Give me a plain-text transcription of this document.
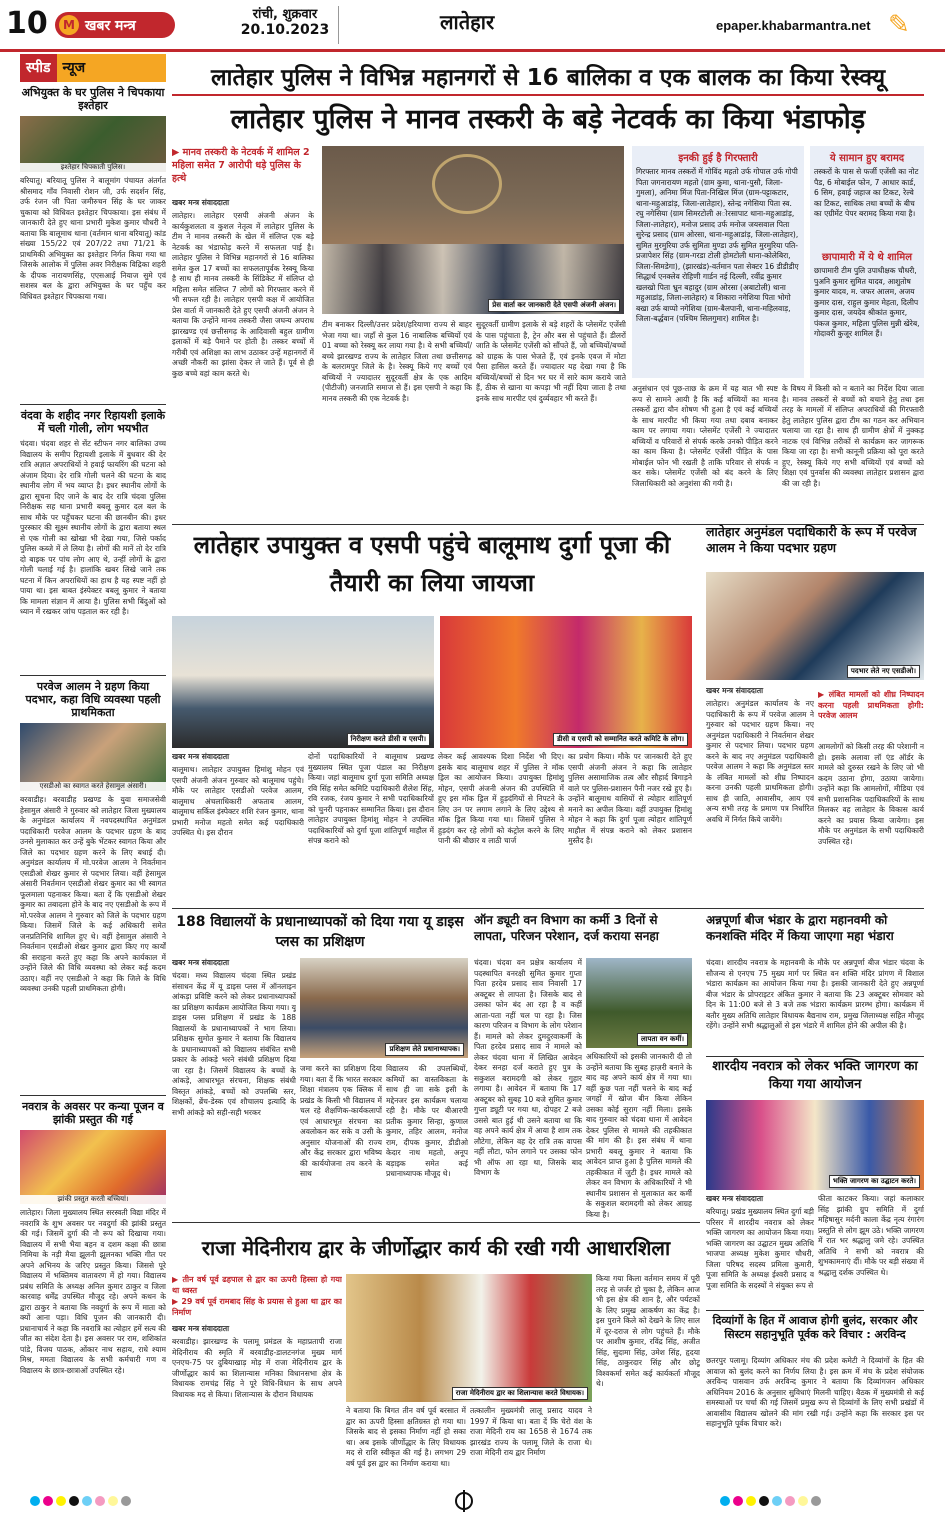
10	M खबर मन्त्र
रांची, शुक्रवार
20.10.2023	लातेहार	epaper.khabarmantra.net ✎
स्पीड न्यूज
अभियुक्त के घर पुलिस ने चिपकाया इश्तेहार
इश्तेहार चिपकाती पुलिस।
बरियातू। बरियातू पुलिस ने बालूमांग पंचायत अंतर्गत श्रीसमाद गाँव निवासी रोशन जी, उर्फ सदर्शन सिंह, उर्फ रंजन जी पिता जमीरुचन सिंह के घर जाकर चुकाया को विधिवत इश्तेहार चिपकाया। इस संबंध में जानकारी देते हुए थाना प्रभारी मुकेश कुमार चौधरी ने बताया कि बालूमाथ थाना (वर्तमान थाना बरियातू) कांड संख्या 155/22 एवं 207/22 तथा 71/21 के प्राथमिकी अभियुक्त का इश्तेहार निर्गत किया गया था जिसके आलोक में पुलिस अवर निरीक्षक विद्रिका शहरी के दीपक नारायणसिंह, एएसआई नियाज सुमे एवं सशस्त्र बल के द्वारा अभियुक्त के घर पहुँच कर विधिवत इश्तेहार चिपकाया गया।
वंदवा के शहीद नगर रिहायशी इलाके में चली गोली, लोग भयभीत
चंदवा। चंदवा शहर से सेंट स्टीफन नगर बालिका उच्च विद्यालय के समीप रिहायशी इलाके में बुधवार की देर रात्रि अज्ञात अपराधियों ने हवाई फायरिंग की घटना को अंजाम दिया। देर रात्रि गोली चलने की घटना के बाद स्थानीय लोग में भय व्याप्त है। इधर स्थानीय लोगों के द्वारा सूचना दिए जाने के बाद देर रात्रि चंदवा पुलिस निरीक्षक सह थाना प्रभारी बबलू कुमार दल बल के साथ मौके पर पहुँचकर घटना की छानबीन की। इधर पुरस्कार की सूक्ष्म स्थानीय लोगों के द्वारा बताया स्थल से एक गोली का खोखा भी देखा गया, जिसे पर्काद पुलिस कब्जे में ले लिया है। लोगों की मानें तो देर रात्रि दो बाइक पर पांच लोग आए थे, उन्हीं लोगों के द्वारा गोली चलाई गई है। हालांकि खबर लिखे जाने तक घटना में किन अपराधियों का हाथ है यह स्पष्ट नहीं हो पाया था। इस बाबत इंस्पेक्टर बबलू कुमार ने बताया कि मामला संज्ञान में आया है। पुलिस सभी बिंदुओं को ध्यान में रखकर जांच पड़ताल कर रही है।
परवेज आलम ने ग्रहण किया पदभार, कहा विधि व्यवस्था पहली प्राथमिकता
एसडीओ का स्वागत करते हेसामुल अंसारी।
बरवाडीह। बरवाडीह प्रखण्ड के युवा समाजसेवी हेसामुल अंसारी ने गुरुवार को लातेहार जिला मुख्यालय के अनुमंडल कार्यालय में नवपदस्थापित अनुमंडल पदाधिकारी परवेज आलम के पदभार ग्रहण के बाद उनसे मुलाकात कर उन्हें बुके भेंटकर स्वागत किया और जिले का पदभार ग्रहण करने के लिए बधाई दी। अनुमंडल कार्यालय में मो.परवेज आलम ने निवर्तमान एसडीओ शेखर कुमार से पदभार लिया। वहीं हेसामुल अंसारी निवर्तमान एसडीओ शेखर कुमार का भी स्वागत फूलमाला पहनाकर किया। बता दें कि एसडीओ शेखर कुमार का तबादला होने के बाद नए एसडीओ के रूप में मो.परवेज आलम ने गुरुवार को जिले के पदभार ग्रहण किया। जिसमें जिले के कई अधिकारी समेत जनप्रतिनिधि शामिल हुए थे। वहीं हेसामुल अंसारी ने निवर्तमान एसडीओ शेखर कुमार द्वारा किए गए कार्यों की सराहना करते हुए कहा कि अपने कार्यकाल में उन्होंने जिले की विधि व्यवस्था को लेकर कई कदम उठाए। वहीं नए एसडीओ ने कहा कि जिले के विधि व्यवस्था उनकी पहली प्राथमिकता होगी।
नवरात्र के अवसर पर कन्या पूजन व झांकी प्रस्तुत की गई
झांकी प्रस्तुत करती बच्चियां।
लातेहार। जिला मुख्यालय स्थित सरस्वती विद्या मंदिर में नवरात्रि के शुभ अवसर पर नवदुर्गा की झांकी प्रस्तुत की गई। जिसमें दुर्गा की नौ रूप को दिखाया गया। विद्यालय में सभी भैया बहन व दशम कक्षा की छात्रा निमिया के नड़ी मैया झूलनी झूलनका भक्ति गीत पर अपने अभिनय के जरिए प्रस्तुत किया। जिससे पूरे विद्यालय में भक्तिमय वातावरण में हो गया। विद्यालय प्रबंध समिति के अध्यक्ष अनिल कुमार ठाकुर व जिला कारवाह धर्मेंद्र उपस्थित मौजूद रहे। अपने कथन के द्वारा ठाकुर ने बताया कि नवदुर्गा के रूप में माता को क्यों आना पड़ा। विधि पूजन की जानकारी दी। प्रधानाचार्य ने कहा कि नवरात्रि का त्योहार हमें सत्य की जीत का संदेश देता है। इस अवसर पर राम, शशिकांत पांडे, विजय पाठक, ओंकार नाथ सहाय, राधे श्याम मिश्र, ममता विद्यालय के सभी कर्मचारी गण व विद्यालय के छात्र-छात्राओं उपस्थित रहे।
लातेहार पुलिस ने विभिन्न महानगरों से 16 बालिका व एक बालक का किया रेस्क्यू
लातेहार पुलिस ने मानव तस्करी के बड़े नेटवर्क का किया भंडाफोड़
▶ मानव तस्करी के नेटवर्क में शामिल 2 महिला समेत 7 आरोपी धड़े पुलिस के हत्थे
खबर मन्त्र संवाददाता
लातेहार। लातेहार एसपी अंजनी अंजन के कार्यकुशलता व कुशल नेतृत्व में लातेहार पुलिस के टीम ने मानव तस्करी के खेल में संलिप्त एक बड़े नेटवर्क का भंडाफोड़ करने में सफलता पाई है। लातेहार पुलिस ने विभिन्न महानगरों से 16 बालिका समेत कुल 17 बच्चों का सफलतापूर्वक रेस्क्यू किया है साथ ही मानव तस्करी के सिंडिकेट में संलिप्त दो महिला समेत संलिप्त 7 लोगों को गिरफ्तार करने में भी सफल रही है। लातेहार एसपी कक्ष में आयोजित प्रेस वार्ता में जानकारी देते हुए एसपी अंजनी अंजन ने बताया कि उन्होंने मानव तस्करी जैसा जघन्य अपराध झारखण्ड एवं छत्तीसगढ़ के आदिवासी बहुल ग्रामीण इलाकों में बड़े पैमाने पर होती है। तस्कर बच्चों में गरीबी एवं अशिक्षा का लाभ उठाकर उन्हें महानगरों में अच्छी नौकरी का झांसा देकर ले जाते हैं। पूर्व से ही कुछ बच्चे वहां काम करते थे।
प्रेस वार्ता कर जानकारी देते एसपी अंजनी अंजन।
टीम बनाकर दिल्ली/उत्तर प्रदेश/हरियाणा राज्य से बाहर भेजा गया था। जहाँ से कुल 16 नाबालिक बच्चियों एवं 01 बच्चा को रेस्क्यू कर लाया गया है। ये सभी बच्चियाँ/बच्चे झारखण्ड राज्य के लातेहार जिला तथा छत्तीसगढ़ के बलरामपुर जिले के है। रेस्क्यू किये गए बच्चों एवं बच्चियों ने ज्यादातर सुदूरवर्ती क्षेत्र के एक आदिम (पीटीजी) जनजाति समाज से हैं। इस एसपी ने कहा कि मानव तस्करी की एक नेटवर्क है।
सुदूरवर्ती ग्रामीण इलाके से बड़े शहरों के प्लेसमेंट एजेंसी के पास पहुंचाता है, ट्रेन और बस से पहुंचाते हैं। डीलरों जाति के प्लेसमेंट एजेंसी को सौंपते हैं, जो बच्चियों/बच्चों को ग्राहक के पास भेजते हैं, एवं इनके एवज में मोटा पैसा हासिल करते हैं। ज्यादातर यह देखा गया है कि बच्चियों/बच्चों से दिन भर घर में सारे काम कराये जाते हैं, ठीक से खाना या कपड़ा भी नहीं दिया जाता है तथा इनके साथ मारपीट एवं दुर्व्यवहार भी करते हैं।
इनकी हुई है गिरफ्तारी
गिरफ्तार मानव तस्करों में गोविंद महतो उर्फ गोपाल उर्फ गोपी पिता जगनारायण महतो (ग्राम कुमा, थाना-पुसौ, जिला-गुमला), अनिमा मिंज पिता-निखिल मिंज (ग्राम-पट्टाकटार, थाना-महुआडांड़, जिला-लातेहार), स्तेन्द्र नगेसिया पिता स्व. रघु नगेसिया (ग्राम सिमरटोली अोरसापाट थाना-महुआडांड़, जिला-लातेहार), मनोज प्रसाद उर्फ मनोज जयसवाल पिता सुरेन्द्र प्रसाद (ग्राम ओरसा, थाना-महुआडांड़, जिला-लातेहार), सुमित मुरमुरिया उर्फ सुमिता मुण्डा उर्फ सुमित मुरमुरिया पति-प्रजापेशर सिंह (ग्राम-गरडा टोली होमटोली थाना-कोलेबिरा, जिला-सिमडेगा), (झारखंड)-वर्तमान पता सेक्टर 16 डीडीडीए सिद्धार्थ एनक्लेव रोहिणी गार्डन नई दिल्ली, रवींद्र कुमार खलखो पिता भ्रुन बहादुर (ग्राम ओरसा (अबाटोली) थाना महुआडांड़, जिला-लातेहार) व शिकारा नगेशिया पिता भोगो बखा उर्फ बाप्पो नगेशिया (ग्राम-बैलपानी, थाना-महिलवाड़, जिला-बर्द्धवान (पश्चिम सिलगुमार) शामिल है।
ये सामान हुए बरामद
तस्करों के पास से फर्जी एजेंसी का नोट पैड, 6 मोबाईल फोन, 7 आधार कार्ड, 6 सिम, हवाई जहाज का टिकट, रेल्वे का टिकट, साथिक तथा बच्चों के बीच का एग्रीमेंट पेपर बरामद किया गया है।
छापामारी में ये थे शामिल
छापामारी टीम पुलि उपाधीक्षक चौधरी, पुअनि कुमार सुमित यादव, आशुतोष कुमार यादव, म. जफर आलम, अजय कुमार दास, राहुल कुमार मेहता, दिलीप कुमार दास, जयदेव श्रीकांत कुमार, पंकज कुमार, महिला पुलिस मुन्नी खेरेब, गोदावरी कुजूर शामिल हैं।
अनुसंधान एवं पूछ-ताछ के क्रम में यह बात भी स्पष्ट रूप से सामने आयी है कि कई बच्चियों का मानव तस्करों द्वारा यौन शोषण भी हुआ है एवं कई बच्चियों के साथ मारपीट भी किया गया तथा दबाव बनाकर काम पर लगाया गया। प्लेसमेंट एजेंसी ने ज्यादातर बच्चियों व परिवारों से संपर्क करके उनको पीड़ित करने का काम किया है। प्लेसमेंट एजेंसी पीड़ित के पास मोबाईल फोन भी रखती है ताकि परिवार से संपर्क न कर सके। प्लेसमेंट एजेंसी को बंद करने के लिए जिलाधिकारी को अनुशंसा की गयी है।
के विषय में किसी को न बताने का निर्देश दिया जाता है। मानव तस्करों से बच्चों को बचाने हेतु तथा इस तरह के मामलों में संलिप्त अपराधियों की गिरफ्तारी हेतु लातेहार पुलिस द्वारा टीम का गठन कर अभियान चलाया जा रहा है। साथ ही ग्रामीण क्षेत्रों में नुक्कड़ नाटक एवं विभिन्न तरीकों से कार्यक्रम कर जागरूक किया जा रहा है। सभी कानूनी प्रक्रिया को पूरा करते हुए, रेस्क्यू किये गए सभी बच्चियों एवं बच्चों को शिक्षा एवं पुनर्वास की व्यवस्था लातेहार प्रशासन द्वारा की जा रही है।
लातेहार उपायुक्त व एसपी पहुंचे बालूमाथ दुर्गा पूजा की तैयारी का लिया जायजा
निरीक्षण करते डीसी व एसपी।	डीसी व एसपी को सम्मानित करते कमिटि के लोग।
खबर मन्त्र संवाददाता
बालूमाथ। लातेहार उपायुक्त हिमांशु मोहन एवं एसपी अंजनी अंजन गुरुवार को बालूमाथ पहुंचे। मौके पर लातेहार एसडीओ परवेज आलम, बालूमाथ अंचलाधिकारी अफताब आलम, बालूमाथ सर्किल इंस्पेक्टर शशि रंजन कुमार, थाना प्रभारी मनोज महतो समेत कई पदाधिकारी उपस्थित थे। इस दौरान
दोनों पदाधिकारियों ने बालूमाथ प्रखण्ड मुख्यालय स्थित पूजा पंडाल का निरीक्षण किया। जहां बालूमाथ दुर्गा पूजा समिति अध्यक्ष रवि सिंह समेत कमिटि पदाधिकारी शैलेश सिंह, रवि रजक, रंजय कुमार ने सभी पदाधिकारियों को चुनरी पहनाकर सम्मानित किया। इस दौरान लातेहार उपायुक्त हिमांशु मोहन ने उपस्थित पदाधिकारियों को दुर्गा पूजा शांतिपूर्ण माहौल में संपन्न कराने को
लेकर कई आवश्यक दिशा निर्देश भी दिए। इसके बाद बालूमाथ शहर में पुलिस ने मॉक ड्रिल का आयोजन किया। उपायुक्त हिमांशु मोहन, एसपी अंजनी अंजन की उपस्थिति में हुए इस मॉक ड्रिल में हुड़दंगियों से निपटने के लिए उन पर लगाम लगाने के लिए उद्देश्य से मॉक ड्रिल किया गया था। जिसमें पुलिस ने हुड़दंग कर रहे लोगों को कंट्रोल करने के लिए पानी की बौछार व लाठी चार्ज
का प्रयोग किया। मौके पर जानकारी देते हुए एसपी अंजनी अंजन ने कहा कि लातेहार पुलिस असामाजिक तत्व और सौहार्द बिगाड़ने वाले पर पुलिस-प्रशासन पैनी नजर रखे हुए है। उन्होंने बालूमाथ वासियों से त्योहार शांतिपूर्ण मनाने का अपील किया। वहीं उपायुक्त हिमांशु मोहन ने कहा कि दुर्गा पूजा त्योहार शांतिपूर्ण माहौल में संपन्न कराने को लेकर प्रशासन मुस्तैद है।
लातेहार अनुमंडल पदाधिकारी के रूप में परवेज आलम ने किया पदभार ग्रहण
पदभार लेते नए एसडीओ।
खबर मन्त्र संवाददाता
लातेहार। अनुमंडल कार्यालय के नए पदाधिकारी के रूप में परवेज आलम ने गुरुवार को पदभार ग्रहण किया। नए अनुमंडल पदाधिकारी ने निवर्तमान शेखर कुमार से पदभार लिया। पदभार ग्रहण करने के बाद नए अनुमंडल पदाधिकारी परवेज आलम ने कहा कि अनुमंडल स्तर के लंबित मामलों को शीघ्र निष्पादन करना उनकी पहली प्राथमिकता होगी। साथ ही जाति, आवासीय, आय एवं अन्य सभी तरह के प्रमाण पत्र निर्धारित अवधि में निर्गत किये जायेंगे।
▶ लंबित मामलों को शीघ्र निष्पादन करना पहली प्राथमिकता होगी: परवेज आलम
आमलोगों को किसी तरह की परेशानी न हो। इसके अलावा लॉ एंड ऑर्डर के मामले को दुरुस्त रखने के लिए जो भी कदम उठाना होगा, उठाया जायेगा। उन्होंने कहा कि आमलोगों, मीडिया एवं सभी प्रशासनिक पदाधिकारियों के साथ मिलकर वह लातेहार के विकास कार्य करने का प्रयास किया जायेगा। इस मौके पर अनुमंडल के सभी पदाधिकारी उपस्थित रहे।
188 विद्यालयों के प्रधानाध्यापकों को दिया गया यू डाइस प्लस का प्रशिक्षण
खबर मन्त्र संवाददाता
चंदवा। मध्य विद्यालय चंदवा स्थित प्रखंड संसाधन केंद्र में यू डाइस प्लस में ऑनलाइन आंकड़ा प्रविष्टि करने को लेकर प्रधानाध्यापकों का प्रशिक्षण कार्यक्रम आयोजित किया गया। यू डाइस प्लस प्रशिक्षण में प्रखंड के 188 विद्यालयों के प्रधानाध्यापकों ने भाग लिया। प्रशिक्षक सुमोत कुमार ने बताया कि विद्यालय के प्रधानाध्यापकों को विद्यालय संबंधित सभी प्रकार के आंकड़े भरने संबंधी प्रशिक्षण दिया जा रहा है। जिसमें विद्यालय के बच्चों के आंकड़े, आधारभूत संरचना, शिक्षक संबंधी विस्तृत आंकड़े, बच्चों को उपलब्धि स्तर, शिक्षकों, ब्रेंच-डेस्क एवं शौचालय इत्यादि के सभी आंकड़े को सही-सही भरकर
प्रशिक्षण लेते प्रधानाध्यापक।
जमा करने का प्रशिक्षण दिया गया। बता दें कि भारत सरकार शिक्षा मंत्रालय एक क्लिक में प्रखंड के किसी भी विद्यालय में चल रहे शैक्षणिक-कार्यकलापों एवं आधारभूत संरचना का अवलोकन कर सके व उसी के अनुसार योजनाओं की राज्य और केंद्र सरकार द्वारा भविष्य की कार्ययोजना तय करने के साथ
विद्यालय की उपलब्धियों, कमियों का वास्तविकता के साथ ही जा सके इसी के मद्देनजर इस कार्यक्रम चलाया रही है। मौके पर बीआरपी प्रतीक कुमार सिन्हा, कुणाल कुमार, तहिर आलम, मनोज राम, दीपक कुमार, डीडीओ केदार नाथ महतो, अनूप बड़ाइक समेत कई प्रधानाध्यापक मौजूद थे।
ऑन ड्यूटी वन विभाग का कर्मी 3 दिनों से लापता, परिजन परेशान, दर्ज कराया सनहा
चंदवा। चंदवा वन प्रक्षेत्र कार्यालय में पदस्थापित वनरक्षी सुमित कुमार गुप्ता पिता हरदेव प्रसाद साव निवासी 17 अक्टूबर से लापता है। जिसके बाद से उसका फोन बंद आ रहा है व कहीं आता-पता नहीं चल पा रहा है। जिस कारण परिजन व विभाग के लोग परेशान हैं। मामले को लेकर दुमदुरवाकर्मी के पिता हरदेव प्रसाद साव ने मामले को लेकर चंदवा थाना में लिखित आवेदन देकर सनहा दर्ज कराते हुए पुत्र के सकुशल बरामदगी को लेकर गुहार लगाया है। आवेदन में बताया कि 17 अक्टूबर को सुबह 10 बजे सुमित कुमार गुप्ता ड्यूटी पर गया था, दोपहर 2 बजे उससे बात हुई थी उसने बताया था कि वह अपने कार्य क्षेत्र में आया है शाम तक लौटेगा, लेकिन वह देर रात्रि तक वापस नहीं लौटा, फोन लगाने पर उसका फोन भी ऑफ आ रहा था, जिसके बाद विभाग के
लापता वन कर्मी।
अधिकारियों को इसकी जानकारी दी तो उन्होंने बताया कि सुबह हाज़री बनाने के बाद वह अपने कार्य क्षेत्र में गया था। वहीं कुछ पता नहीं चलने के बाद कई जगहों में खोज बीन किया लेकिन उसका कोई सुराग नहीं मिला। इसके बाद गुरुवार को चंदवा थाना में आवेदन देकर पुलिस से मामले की तहकीकात की मांग की है। इस संबंध में थाना प्रभारी बबलू कुमार ने बताया कि आवेदन प्राप्त हुआ है पुलिस मामले की तहकीकात में जुटी है। इधर मामले को लेकर वन विभाग के अधिकारियों ने भी स्थानीय प्रशासन से मुलाकात कर कर्मी के सकुशल बरामदगी को लेकर आग्रह किया है।
अन्नपूर्णा बीज भंडार के द्वारा महानवमी को कनशक्ति मंदिर में किया जाएगा महा भंडारा
चंदवा। शारदीय नवरात्र के महानवमी के मौके पर अन्नपूर्णा बीज भंडार चंदवा के सौजन्य से एनएच 75 मुख्य मार्ग पर स्थित वन शक्ति मंदिर प्रांगण में विशाल भंडारा कार्यक्रम का आयोजन किया गया है। इसकी जानकारी देते हुए अन्नपूर्णा बीज भंडार के प्रोपराइटर अंकित कुमार ने बताया कि 23 अक्टूबर सोमवार को दिन के 11:00 बजे से 3 बजे तक भंडारा कार्यक्रम प्रारम्भ होगा। कार्यक्रम में बतौर मुख्य अतिथि लातेहार विधायक बैद्यनाथ राम, प्रमुख जिलाध्यक्ष सहित मौजूद रहेंगे। उन्होंने सभी श्रद्धालुओं से इस भंडारे में शामिल होने की अपील की है।
शारदीय नवरात्र को लेकर भक्ति जागरण का किया गया आयोजन
भक्ति जागरण का उद्घाटन करते।
खबर मन्त्र संवाददाता
बरियातू। प्रखंड मुख्यालय स्थित दुर्गा बड़ी परिसर में शारदीय नवरात्र को लेकर भक्ति जागरण का आयोजन किया गया। भक्ति जागरण का उद्घाटन मुख्य अतिथि भाजपा अध्यक्ष मुकेश कुमार चौधरी, जिला परिषद सदस्य प्रमिला कुमारी, पूजा समिति के अध्यक्ष ईश्वरी प्रसाद व पूजा समिति के सदस्यों ने संयुक्त रूप से
फीता काटकर किया। जहां कलाकार सिंह झांकी ग्रुप समिति में दुर्गा महिषासुर मर्दनी काला केंद्र नृत्य रंगारंग प्रस्तुति से लोग झूम उठे। भक्ति जागरण में रात भर श्रद्धालु जमे रहे। उपस्थित अतिथि ने सभी को नवरात्र की शुभकामनाएं दीं। मौके पर बड़ी संख्या में श्रद्धालु दर्शक उपस्थित थे।
राजा मेदिनीराय द्वार के जीर्णोद्धार कार्य की रखी गयी आधारशिला
▶ तीन वर्ष पूर्व ढहपाल से द्वार का ऊपरी हिस्सा हो गया था ध्वस्त
▶ 29 वर्ष पूर्व रामबाद सिंह के प्रयास से हुआ था द्वार का निर्माण
खबर मन्त्र संवाददाता
बरवाडीह। झारखण्ड के पलामू प्रमंडल के महाप्रतापी राजा मेदिनीराय की स्मृति में बरवाडीह-डालटनगंज मुख्य मार्ग एनएच-75 पर दुबियाखाड़ मोड़ में राजा मेदिनीराय द्वार के जीर्णोद्धार कार्य का शिलान्यास मनिका विधानसभा क्षेत्र के विधायक रामचंद्र सिंह ने पूरे विधि-विधान के साथ अपने विधायक मद से किया। शिलान्यास के दौरान विधायक	राजा मेदिनीराय द्वार का शिलान्यास करते विधायक।
ने बताया कि बिगत तीन वर्ष पूर्व बरसात में द्वार का ऊपरी हिस्सा क्षतिग्रस्त हो गया था। जिसके बाद से इसका निर्माण नहीं हो सका था। अब इसके जीर्णोद्धार के लिए विधायक मद से राशि स्वीकृत की गई है। लगभग 29 वर्ष पूर्व इस द्वार का निर्माण कराया था।
तत्कालीन मुख्यमंत्री लालू प्रसाद यादव ने 1997 में किया था। बता दें कि चेरो वंश के राजा मेदिनी राय का 1658 से 1674 तक झारखंड राज्य के पलामू जिले के राजा थे। राजा मेदिनी राय द्वार निर्माण
किया गया किला वर्तमान समय में पूरी तरह से जर्जर हो चुका है, लेकिन आज भी इस क्षेत्र की शान है, और पर्यटकों के लिए प्रमुख आकर्षण का केंद्र है। इस पुराने किले को देखने के लिए साल में दूर-दराज से लोग पहुंचते हैं। मौके पर आशीष कुमार, रविंद्र सिंह, अजीत सिंह, सुदामा सिंह, उमेश सिंह, हृदया सिंह, ठाकुरदार सिंह और छोटू विश्वकर्मा समेत कई कार्यकर्ता मौजूद थे।
दिव्यांगों के हित में आवाज होगी बुलंद, सरकार और सिस्टम सहानुभूति पूर्वक करे विचार : अरविन्द
छतरपुर पलामू। दिव्यांग अधिकार मंच की प्रदेश कमेटी ने दिव्यांगों के हित की आवाज को बुलंद करने का निर्णय लिया है। इस क्रम में मंच के प्रदेश संयोजक अरविन्द पासवान उर्फ अरविन्द कुमार ने बताया कि दिव्यांगजन अधिकार अधिनियम 2016 के अनुसार सुविधाएं मिलनी चाहिए। बैठक में मुख्यमंत्री से कई समस्याओं पर चर्चा की गई जिसमें प्रमुख रूप से दिव्यांगों के लिए सभी प्रखंडों में आवासीय विद्यालय खोलने की मांग रखी गई। उन्होंने कहा कि सरकार इस पर सहानुभूति पूर्वक विचार करे।
